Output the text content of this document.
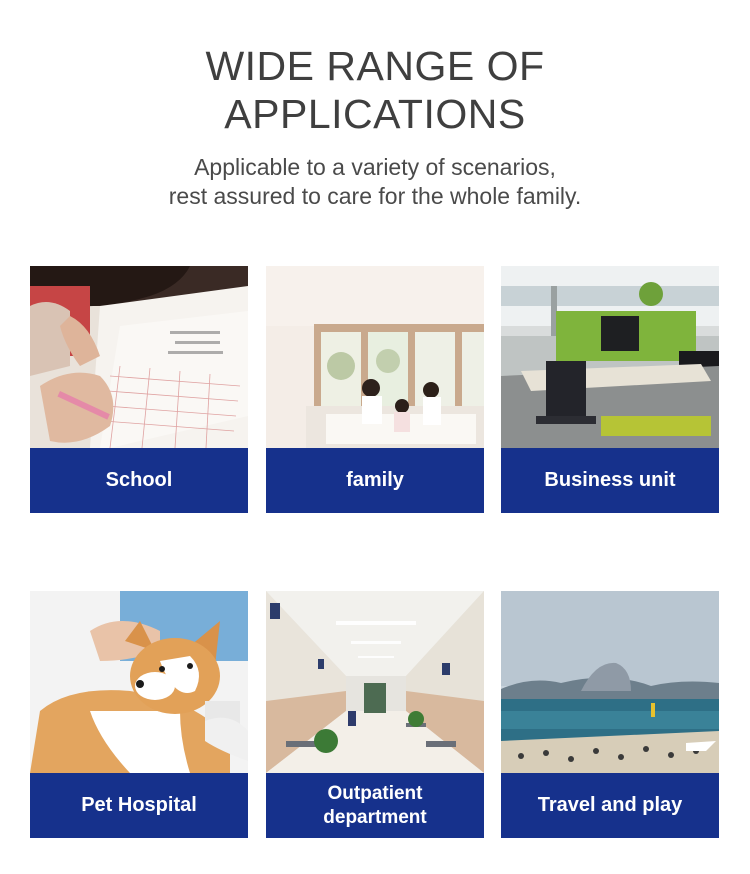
WIDE RANGE OF
APPLICATIONS
Applicable to a variety of scenarios,
rest assured to care for the whole family.
School	family	Business unit
Pet Hospital
Outpatient department
Travel and play
